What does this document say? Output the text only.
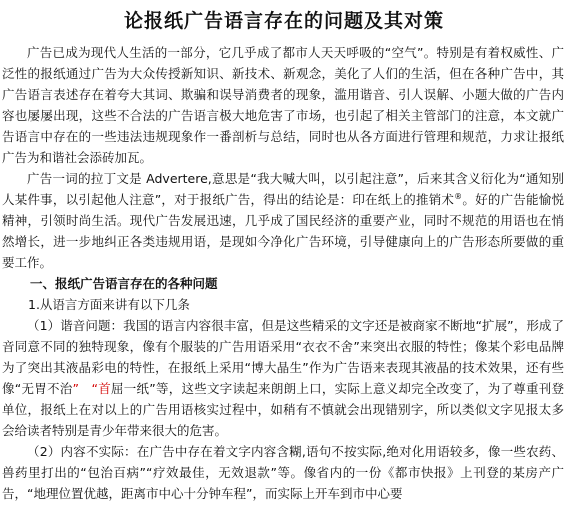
论报纸广告语言存在的问题及其对策

广告已成为现代人生活的一部分，它几乎成了都市人天天呼吸的“空气”。特别是有着权威性、广泛性的报纸通过广告为大众传授新知识、新技术、新观念，美化了人们的生活，但在各种广告中，其广告语言表述存在着夸大其词、欺骗和误导消费者的现象，滥用谐音、引人误解、小题大做的广告内容也屡屡出现，这些不合法的广告语言极大地危害了市场，也引起了相关主管部门的注意，本文就广告语言中存在的一些违法违规现象作一番剖析与总结，同时也从各方面进行管理和规范，力求让报纸广告为和谐社会添砖加瓦。

广告一词的拉丁文是 Advertere,意思是“我大喊大叫，以引起注意”，后来其含义衍化为“通知别人某件事，以引起他人注意”，对于报纸广告，得出的结论是：印在纸上的推销术®。好的广告能愉悦精神，引领时尚生活。现代广告发展迅速，几乎成了国民经济的重要产业，同时不规范的用语也在悄然增长，进一步地纠正各类违规用语，是现如今净化广告环境，引导健康向上的广告形态所要做的重要工作。

一、报纸广告语言存在的各种问题
1.从语言方面来讲有以下几条

（1）谐音问题：我国的语言内容很丰富，但是这些精采的文字还是被商家不断地“扩展”，形成了音同意不同的独特现象，像有个服装的广告用语采用“衣衣不舍”来突出衣服的特性；像某个彩电品牌为了突出其液晶彩电的特性，在报纸上采用“博大晶生”作为广告语来表现其液晶的技术效果，还有些像“无胃不治”  “首屈一纸”等，这些文字读起来朗朗上口，实际上意义却完全改变了，为了尊重刊登单位，报纸上在对以上的广告用语核实过程中，如稍有不慎就会出现错别字，所以类似文字见报太多会给读者特别是青少年带来很大的危害。

（2）内容不实际：在广告中存在着文字内容含糊,语句不按实际,绝对化用语较多，像一些农药、兽药里打出的“包治百病”“疗效最佳，无效退款”等。像省内的一份《都市快报》上刊登的某房产广告，“地理位置优越，距离市中心十分钟车程”，而实际上开车到市中心要
